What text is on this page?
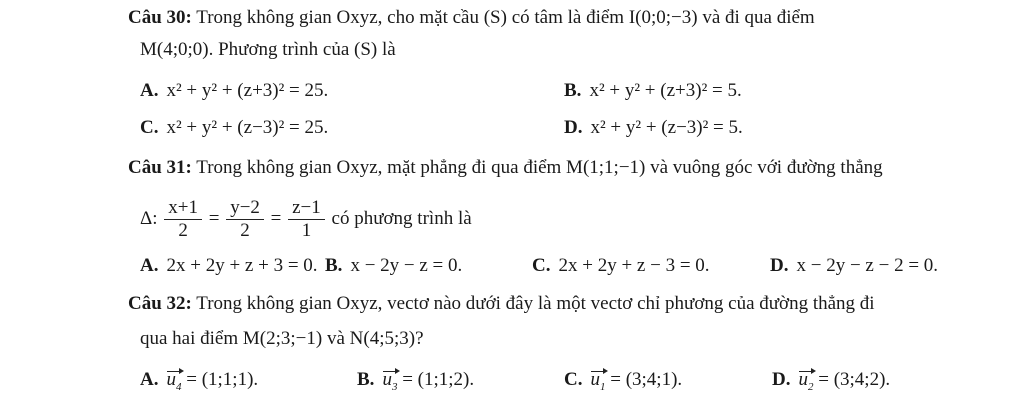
Câu 30: Trong không gian Oxyz, cho mặt cầu (S) có tâm là điểm I(0;0;−3) và đi qua điểm
M(4;0;0). Phương trình của (S) là
A. x² + y² + (z+3)² = 25.	B. x² + y² + (z+3)² = 5.
C. x² + y² + (z−3)² = 25.	D. x² + y² + (z−3)² = 5.
Câu 31: Trong không gian Oxyz, mặt phẳng đi qua điểm M(1;1;−1) và vuông góc với đường thẳng
Δ: $\frac{x+1}{2} = \frac{y-2}{2} = \frac{z-1}{1}$ có phương trình là
A. 2x + 2y + z + 3 = 0. B. x − 2y − z = 0.	C. 2x + 2y + z − 3 = 0.	D. x − 2y − z − 2 = 0.
Câu 32: Trong không gian Oxyz, vectơ nào dưới đây là một vectơ chỉ phương của đường thẳng đi
qua hai điểm M(2;3;−1) và N(4;5;3)?
A. $u_4$ = (1;1;1).	B. $u_3$ = (1;1;2).	C. $u_1$ = (3;4;1).	D. $u_2$ = (3;4;2).
